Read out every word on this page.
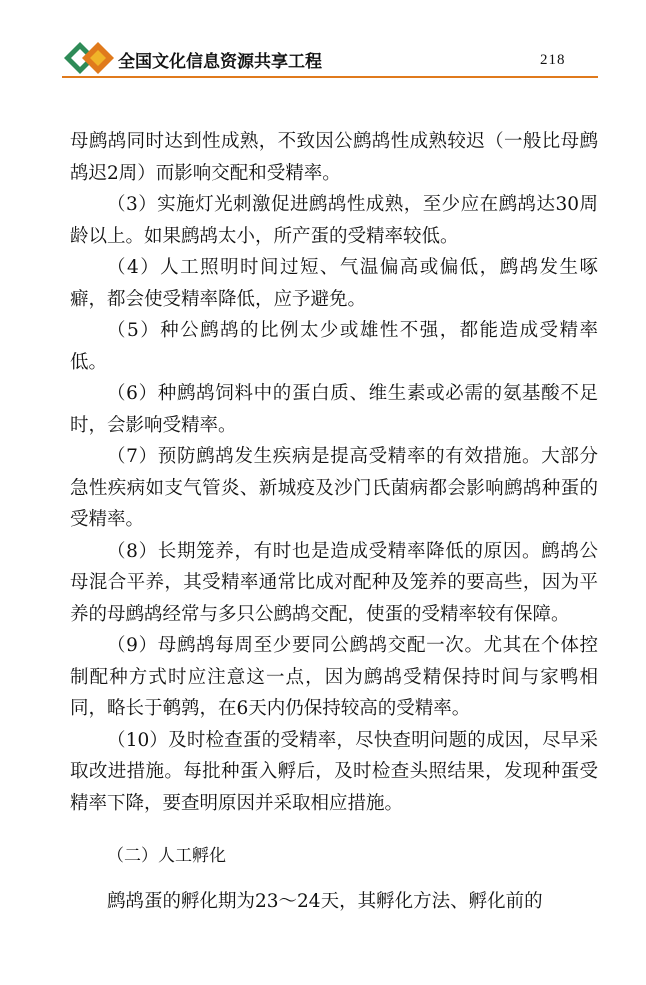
全国文化信息资源共享工程	218

母鹧鸪同时达到性成熟，不致因公鹧鸪性成熟较迟（一般比母鹧鸪迟2周）而影响交配和受精率。

（3）实施灯光刺激促进鹧鸪性成熟，至少应在鹧鸪达30周龄以上。如果鹧鸪太小，所产蛋的受精率较低。

（4）人工照明时间过短、气温偏高或偏低，鹧鸪发生啄癖，都会使受精率降低，应予避免。

（5）种公鹧鸪的比例太少或雄性不强，都能造成受精率低。

（6）种鹧鸪饲料中的蛋白质、维生素或必需的氨基酸不足时，会影响受精率。

（7）预防鹧鸪发生疾病是提高受精率的有效措施。大部分急性疾病如支气管炎、新城疫及沙门氏菌病都会影响鹧鸪种蛋的受精率。

（8）长期笼养，有时也是造成受精率降低的原因。鹧鸪公母混合平养，其受精率通常比成对配种及笼养的要高些，因为平养的母鹧鸪经常与多只公鹧鸪交配，使蛋的受精率较有保障。

（9）母鹧鸪每周至少要同公鹧鸪交配一次。尤其在个体控制配种方式时应注意这一点，因为鹧鸪受精保持时间与家鸭相同，略长于鹌鹑，在6天内仍保持较高的受精率。

（10）及时检查蛋的受精率，尽快查明问题的成因，尽早采取改进措施。每批种蛋入孵后，及时检查头照结果，发现种蛋受精率下降，要查明原因并采取相应措施。

（二）人工孵化
鹧鸪蛋的孵化期为23～24天，其孵化方法、孵化前的
